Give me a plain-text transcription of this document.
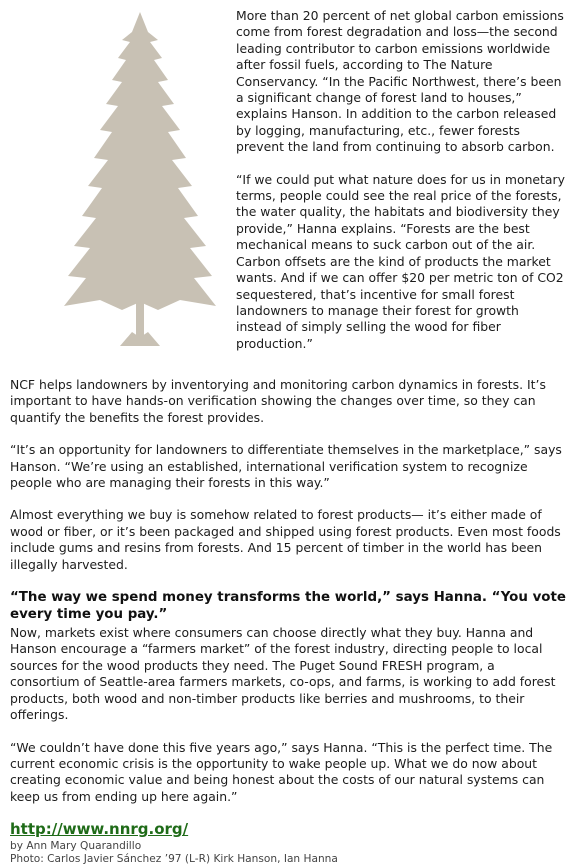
More than 20 percent of net global carbon emissions come from forest degradation and loss—the second leading contributor to carbon emissions worldwide after fossil fuels, according to The Nature Conservancy. “In the Pacific Northwest, there’s been a significant change of forest land to houses,” explains Hanson. In addition to the carbon released by logging, manufacturing, etc., fewer forests prevent the land from continuing to absorb carbon.

“If we could put what nature does for us in monetary terms, people could see the real price of the forests, the water quality, the habitats and biodiversity they provide,” Hanna explains. “Forests are the best mechanical means to suck carbon out of the air. Carbon offsets are the kind of products the market wants. And if we can offer $20 per metric ton of CO2 sequestered, that’s incentive for small forest landowners to manage their forest for growth instead of simply selling the wood for fiber production.”

NCF helps landowners by inventorying and monitoring carbon dynamics in forests. It’s important to have hands-on verification showing the changes over time, so they can quantify the benefits the forest provides.

“It’s an opportunity for landowners to differentiate themselves in the marketplace,” says Hanson. “We’re using an established, international verification system to recognize people who are managing their forests in this way.”

Almost everything we buy is somehow related to forest products— it’s either made of wood or fiber, or it’s been packaged and shipped using forest products. Even most foods include gums and resins from forests. And 15 percent of timber in the world has been illegally harvested.

“The way we spend money transforms the world,” says Hanna. “You vote every time you pay.”

Now, markets exist where consumers can choose directly what they buy. Hanna and Hanson encourage a “farmers market” of the forest industry, directing people to local sources for the wood products they need. The Puget Sound FRESH program, a consortium of Seattle-area farmers markets, co-ops, and farms, is working to add forest products, both wood and non-timber products like berries and mushrooms, to their offerings.

“We couldn’t have done this five years ago,” says Hanna. “This is the perfect time. The current economic crisis is the opportunity to wake people up. What we do now about creating economic value and being honest about the costs of our natural systems can keep us from ending up here again.”

http://www.nnrg.org/

by Ann Mary Quarandillo

Photo: Carlos Javier Sánchez ’97 (L-R) Kirk Hanson, Ian Hanna
